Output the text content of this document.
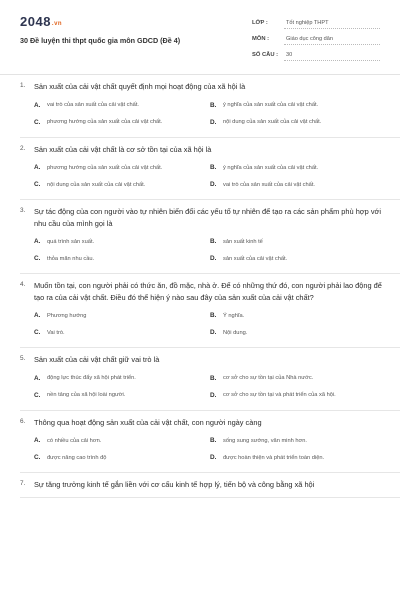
2048.vn
30 Đề luyện thi thpt quốc gia môn GDCD (Đề 4)
LỚP :	Tốt nghiệp THPT
MÔN :	Giáo dục công dân
SỐ CÂU :	30
1.	Sản xuất của cải vật chất quyết định mọi hoạt động của xã hội là
A.	vai trò của sản xuất của cải vật chất.	B.	ý nghĩa của sản xuất của cải vật chất.
C.	phương hướng của sản xuất của cải vật chất.	D.	nội dung của sản xuất của cải vật chất.
2.	Sản xuất của cải vật chất là cơ sở tồn tại của xã hội là
A.	phương hướng của sản xuất của cải vật chất.	B.	ý nghĩa của sản xuất của cải vật chất.
C.	nội dung của sản xuất của cải vật chất.	D.	vai trò của sản xuất của cải vật chất.
3.	Sự tác động của con người vào tự nhiên biến đổi các yếu tố tự nhiên để tạo ra các sản phẩm phù hợp với nhu cầu của mình gọi là
A.	quá trình sản xuất.	B.	sản xuất kinh tế
C.	thỏa mãn nhu cầu.	D.	sản xuất của cải vật chất.
4.	Muốn tồn tại, con người phải có thức ăn, đồ mặc, nhà ở. Để có những thứ đó, con người phải lao động để tạo ra của cải vật chất. Điều đó thể hiện ý nào sau đây của sản xuất của cải vật chất?
A.	Phương hướng	B.	Ý nghĩa.
C.	Vai trò.	D.	Nội dung.
5.	Sản xuất của cải vật chất giữ vai trò là
A.	động lực thúc đẩy xã hội phát triển.	B.	cơ sở cho sự tồn tại của Nhà nước.
C.	nền tảng của xã hội loài người.	D.	cơ sở cho sự tồn tại và phát triển của xã hội.
6.	Thông qua hoạt động sản xuất của cải vật chất, con người ngày càng
A.	có nhiều của cải hơn.	B.	sống sung sướng, văn minh hơn.
C.	được nâng cao trình độ	D.	được hoàn thiện và phát triển toàn diện.
7.	Sự tăng trưởng kinh tế gắn liền với cơ cấu kinh tế hợp lý, tiến bộ và công bằng xã hội
